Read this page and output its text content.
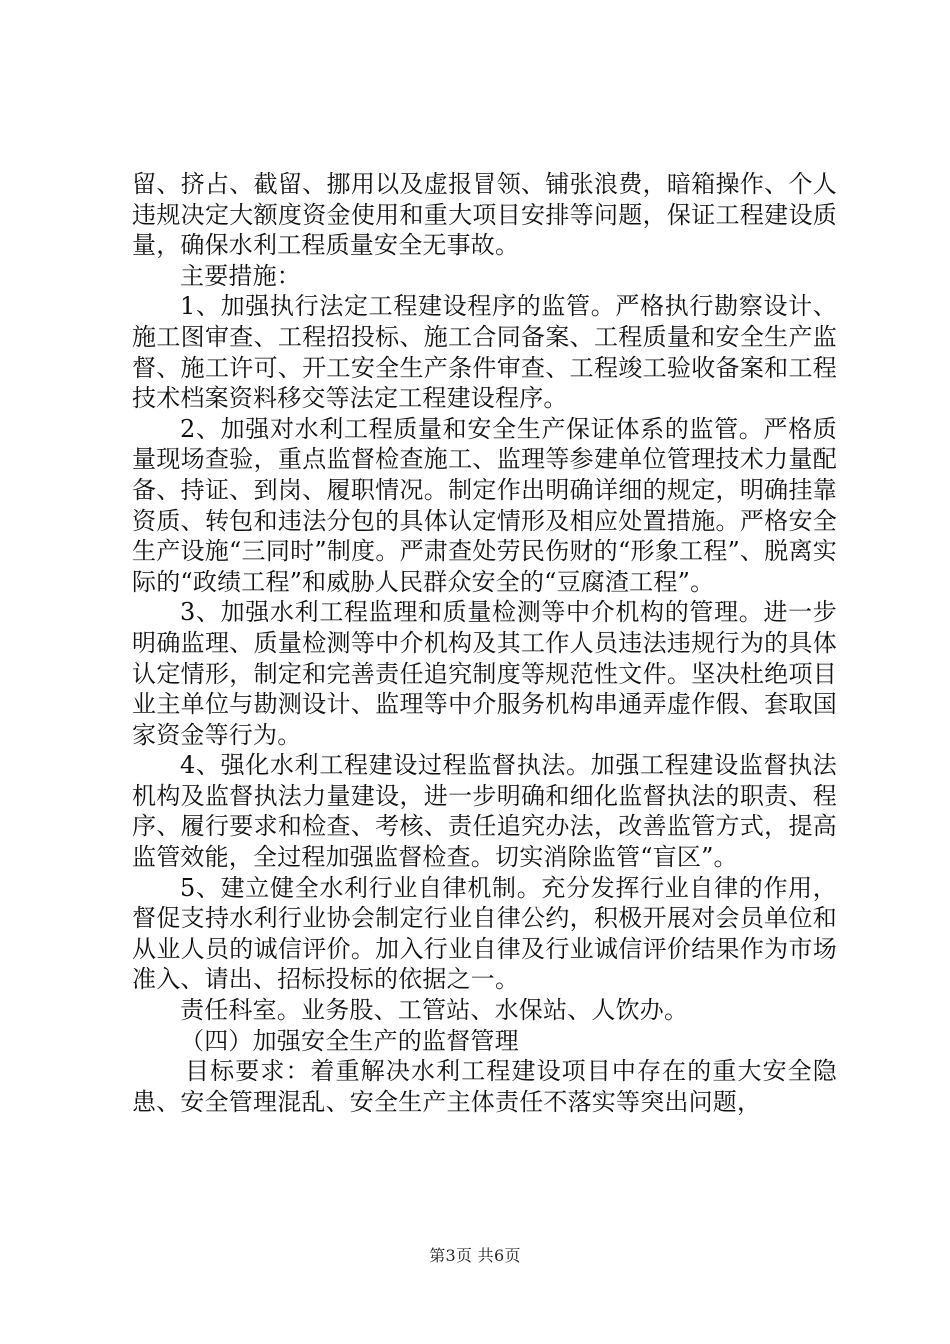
留、挤占、截留、挪用以及虚报冒领、铺张浪费，暗箱操作、个人违规决定大额度资金使用和重大项目安排等问题，保证工程建设质量，确保水利工程质量安全无事故。

主要措施：

1、加强执行法定工程建设程序的监管。严格执行勘察设计、施工图审查、工程招投标、施工合同备案、工程质量和安全生产监督、施工许可、开工安全生产条件审查、工程竣工验收备案和工程技术档案资料移交等法定工程建设程序。

2、加强对水利工程质量和安全生产保证体系的监管。严格质量现场查验，重点监督检查施工、监理等参建单位管理技术力量配备、持证、到岗、履职情况。制定作出明确详细的规定，明确挂靠资质、转包和违法分包的具体认定情形及相应处置措施。严格安全生产设施“三同时”制度。严肃查处劳民伤财的“形象工程”、脱离实际的“政绩工程”和威胁人民群众安全的“豆腐渣工程”。

3、加强水利工程监理和质量检测等中介机构的管理。进一步明确监理、质量检测等中介机构及其工作人员违法违规行为的具体认定情形，制定和完善责任追究制度等规范性文件。坚决杜绝项目业主单位与勘测设计、监理等中介服务机构串通弄虚作假、套取国家资金等行为。

4、强化水利工程建设过程监督执法。加强工程建设监督执法机构及监督执法力量建设，进一步明确和细化监督执法的职责、程序、履行要求和检查、考核、责任追究办法，改善监管方式，提高监管效能，全过程加强监督检查。切实消除监管“盲区”。

5、建立健全水利行业自律机制。充分发挥行业自律的作用，督促支持水利行业协会制定行业自律公约，积极开展对会员单位和从业人员的诚信评价。加入行业自律及行业诚信评价结果作为市场准入、请出、招标投标的依据之一。

责任科室。业务股、工管站、水保站、人饮办。

（四）加强安全生产的监督管理

目标要求：着重解决水利工程建设项目中存在的重大安全隐患、安全管理混乱、安全生产主体责任不落实等突出问题，

第3页 共6页
